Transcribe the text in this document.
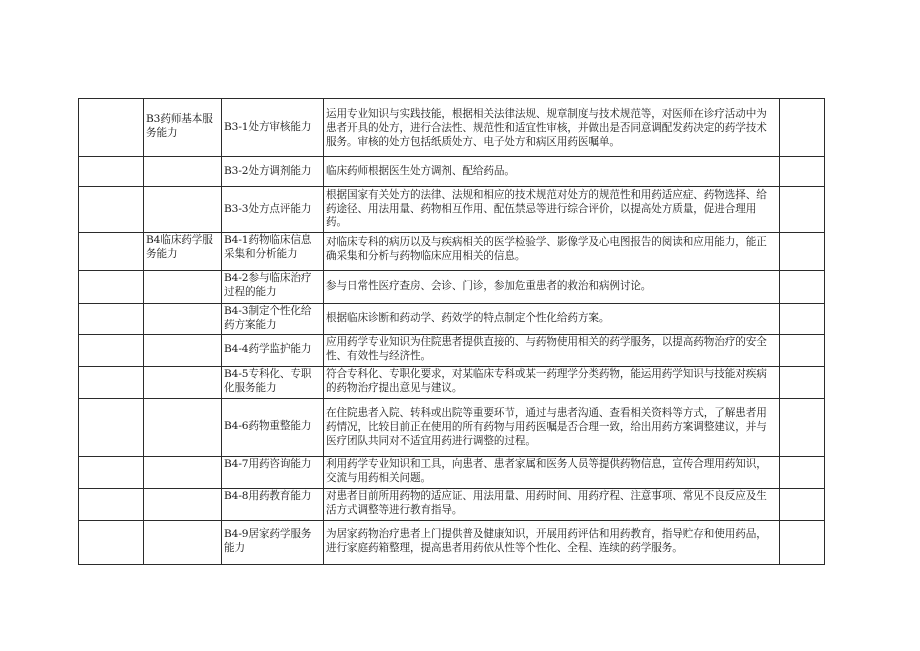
	B3药师基本服务能力	B3-1处方审核能力	运用专业知识与实践技能，根据相关法律法规、规章制度与技术规范等，对医师在诊疗活动中为患者开具的处方，进行合法性、规范性和适宜性审核，并做出是否同意调配发药决定的药学技术服务。审核的处方包括纸质处方、电子处方和病区用药医嘱单。	
		B3-2处方调剂能力	临床药师根据医生处方调剂、配给药品。	
		B3-3处方点评能力	根据国家有关处方的法律、法规和相应的技术规范对处方的规范性和用药适应症、药物选择、给药途径、用法用量、药物相互作用、配伍禁忌等进行综合评价，以提高处方质量，促进合理用药。	
	B4临床药学服务能力	B4-1药物临床信息采集和分析能力	对临床专科的病历以及与疾病相关的医学检验学、影像学及心电图报告的阅读和应用能力，能正确采集和分析与药物临床应用相关的信息。	
		B4-2参与临床治疗过程的能力	参与日常性医疗查房、会诊、门诊，参加危重患者的救治和病例讨论。	
		B4-3制定个性化给药方案能力	根据临床诊断和药动学、药效学的特点制定个性化给药方案。	
		B4-4药学监护能力	应用药学专业知识为住院患者提供直接的、与药物使用相关的药学服务，以提高药物治疗的安全性、有效性与经济性。	
		B4-5专科化、专职化服务能力	符合专科化、专职化要求，对某临床专科或某一药理学分类药物，能运用药学知识与技能对疾病的药物治疗提出意见与建议。	
		B4-6药物重整能力	在住院患者入院、转科或出院等重要环节，通过与患者沟通、查看相关资料等方式，了解患者用药情况，比较目前正在使用的所有药物与用药医嘱是否合理一致，给出用药方案调整建议，并与医疗团队共同对不适宜用药进行调整的过程。	
		B4-7用药咨询能力	利用药学专业知识和工具，向患者、患者家属和医务人员等提供药物信息，宣传合理用药知识，交流与用药相关问题。	
		B4-8用药教育能力	对患者目前所用药物的适应证、用法用量、用药时间、用药疗程、注意事项、常见不良反应及生活方式调整等进行教育指导。	
		B4-9居家药学服务能力	为居家药物治疗患者上门提供普及健康知识，开展用药评估和用药教育，指导贮存和使用药品，进行家庭药箱整理，提高患者用药依从性等个性化、全程、连续的药学服务。	
